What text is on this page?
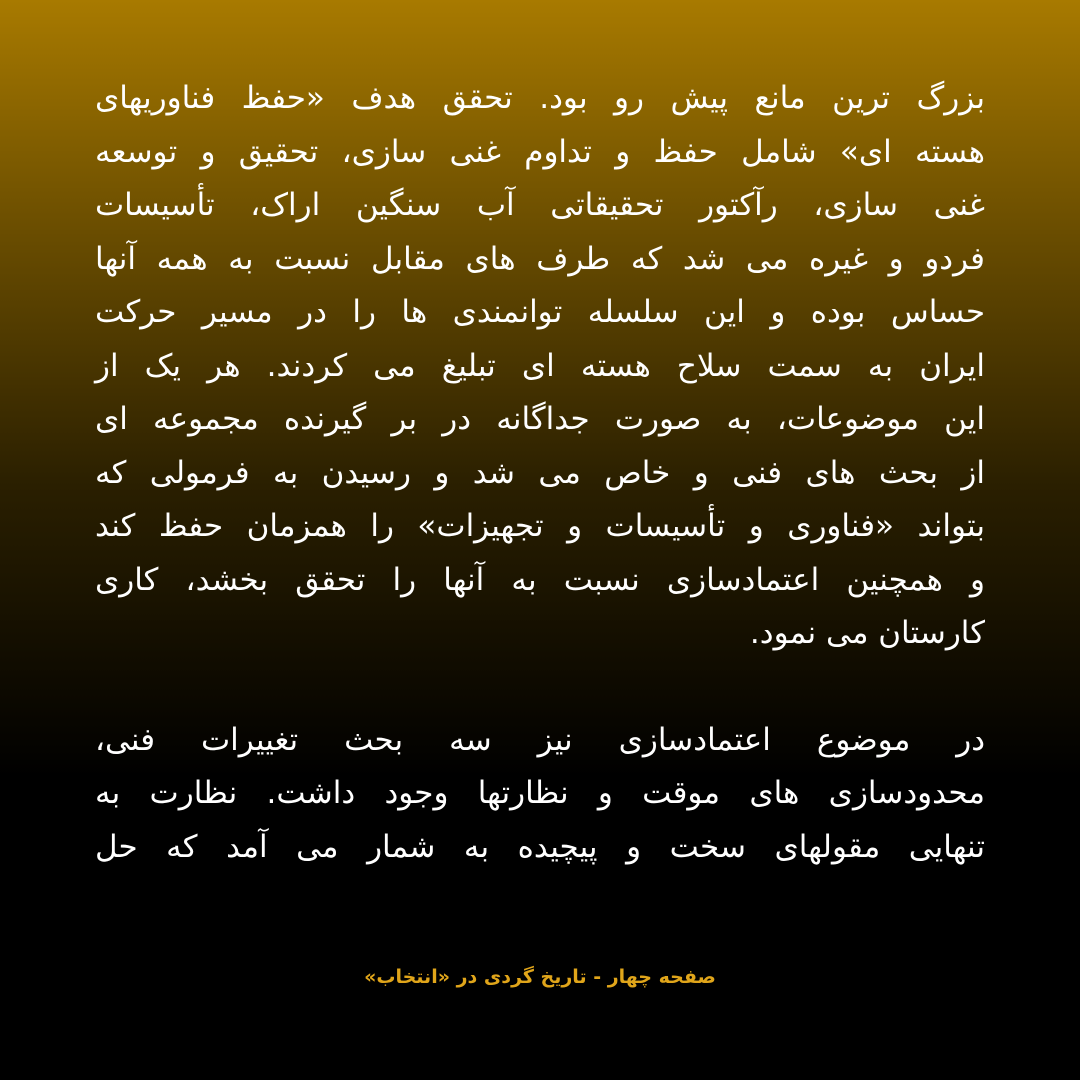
بزرگ ترین مانع پیش رو بود. تحقق هدف «حفظ فناوریهای
هسته ای» شامل حفظ و تداوم غنی سازی، تحقیق و توسعه
غنی سازی، رآکتور تحقیقاتی آب سنگین اراک، تأسیسات
فردو و غیره می شد که طرف های مقابل نسبت به همه آنها
حساس بوده و این سلسله توانمندی ها را در مسیر حرکت
ایران به سمت سلاح هسته ای تبلیغ می کردند. هر یک از
این موضوعات، به صورت جداگانه در بر گیرنده مجموعه ای
از بحث های فنی و خاص می شد و رسیدن به فرمولی که
بتواند «فناوری و تأسیسات و تجهیزات» را همزمان حفظ کند
و همچنین اعتمادسازی نسبت به آنها را تحقق بخشد، کاری
کارستان می نمود.
در موضوع اعتمادسازی نیز سه بحث تغییرات فنی،
محدودسازی های موقت و نظارتها وجود داشت. نظارت به
تنهایی مقولهای سخت و پیچیده به شمار می آمد که حل
صفحه چهار - تاریخ گردی در «انتخاب»
